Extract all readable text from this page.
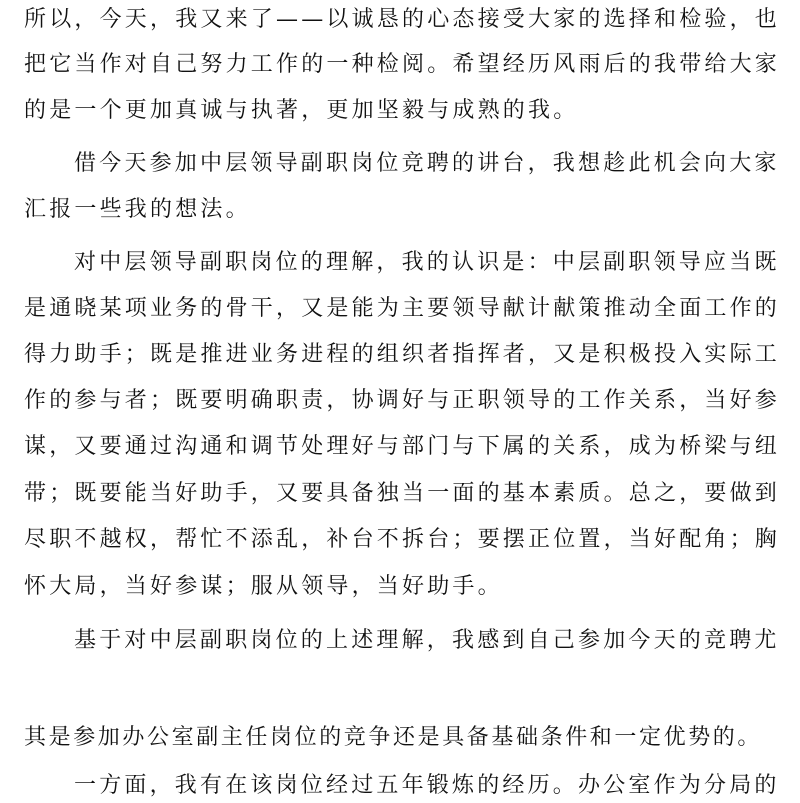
所以，今天，我又来了——以诚恳的心态接受大家的选择和检验，也
把它当作对自己努力工作的一种检阅。希望经历风雨后的我带给大家
的是一个更加真诚与执著，更加坚毅与成熟的我。
借今天参加中层领导副职岗位竞聘的讲台，我想趁此机会向大家
汇报一些我的想法。
对中层领导副职岗位的理解，我的认识是：中层副职领导应当既
是通晓某项业务的骨干，又是能为主要领导献计献策推动全面工作的
得力助手；既是推进业务进程的组织者指挥者，又是积极投入实际工
作的参与者；既要明确职责，协调好与正职领导的工作关系，当好参
谋，又要通过沟通和调节处理好与部门与下属的关系，成为桥梁与纽
带；既要能当好助手，又要具备独当一面的基本素质。总之，要做到
尽职不越权，帮忙不添乱，补台不拆台；要摆正位置，当好配角；胸
怀大局，当好参谋；服从领导，当好助手。
基于对中层副职岗位的上述理解，我感到自己参加今天的竞聘尤
其是参加办公室副主任岗位的竞争还是具备基础条件和一定优势的。
一方面，我有在该岗位经过五年锻炼的经历。办公室作为分局的
